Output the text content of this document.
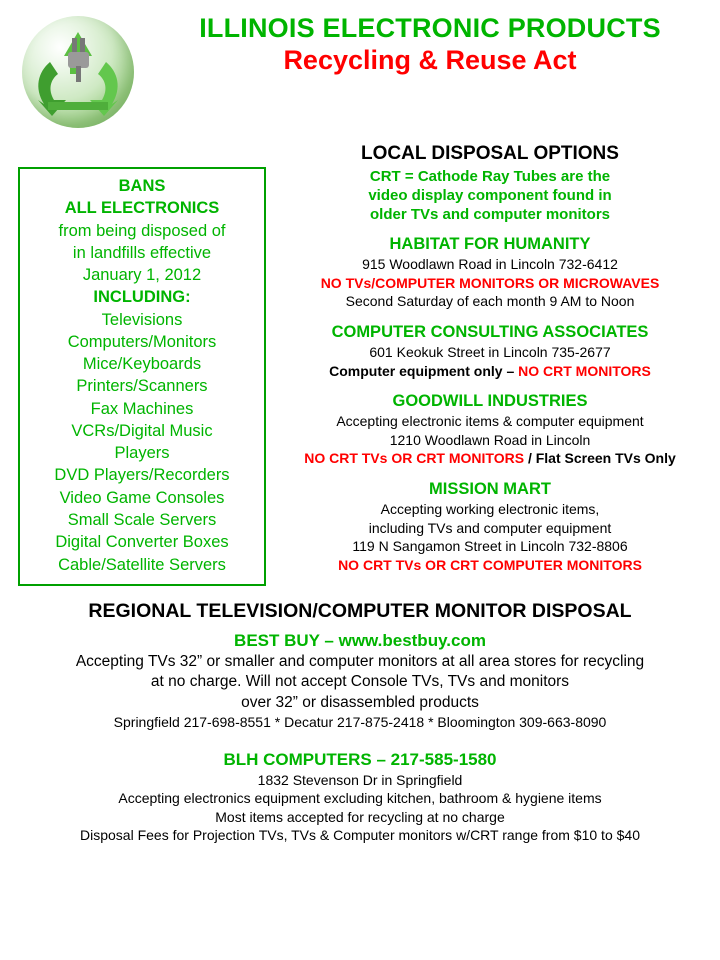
ILLINOIS ELECTRONIC PRODUCTS
Recycling & Reuse Act
BANS
ALL ELECTRONICS
from being disposed of
in landfills effective
January 1, 2012
INCLUDING:
Televisions
Computers/Monitors
Mice/Keyboards
Printers/Scanners
Fax Machines
VCRs/Digital Music
Players
DVD Players/Recorders
Video Game Consoles
Small Scale Servers
Digital Converter Boxes
Cable/Satellite Servers
LOCAL DISPOSAL OPTIONS
CRT = Cathode Ray Tubes are the
video display component found in
older TVs and computer monitors
HABITAT FOR HUMANITY
915 Woodlawn Road in Lincoln 732-6412
NO TVs/COMPUTER MONITORS OR MICROWAVES
Second Saturday of each month 9 AM to Noon
COMPUTER CONSULTING ASSOCIATES
601 Keokuk Street in Lincoln 735-2677
Computer equipment only – NO CRT MONITORS
GOODWILL INDUSTRIES
Accepting electronic items & computer equipment
1210 Woodlawn Road in Lincoln
NO CRT TVs OR CRT MONITORS / Flat Screen TVs Only
MISSION MART
Accepting working electronic items,
including TVs and computer equipment
119 N Sangamon Street in Lincoln 732-8806
NO CRT TVs OR CRT COMPUTER MONITORS
REGIONAL TELEVISION/COMPUTER MONITOR DISPOSAL
BEST BUY – www.bestbuy.com
Accepting TVs 32” or smaller and computer monitors at all area stores for recycling
at no charge. Will not accept Console TVs, TVs and monitors
over 32” or disassembled products
Springfield 217-698-8551 * Decatur 217-875-2418 * Bloomington 309-663-8090
BLH COMPUTERS – 217-585-1580
1832 Stevenson Dr in Springfield
Accepting electronics equipment excluding kitchen, bathroom & hygiene items
Most items accepted for recycling at no charge
Disposal Fees for Projection TVs, TVs & Computer monitors w/CRT range from $10 to $40
